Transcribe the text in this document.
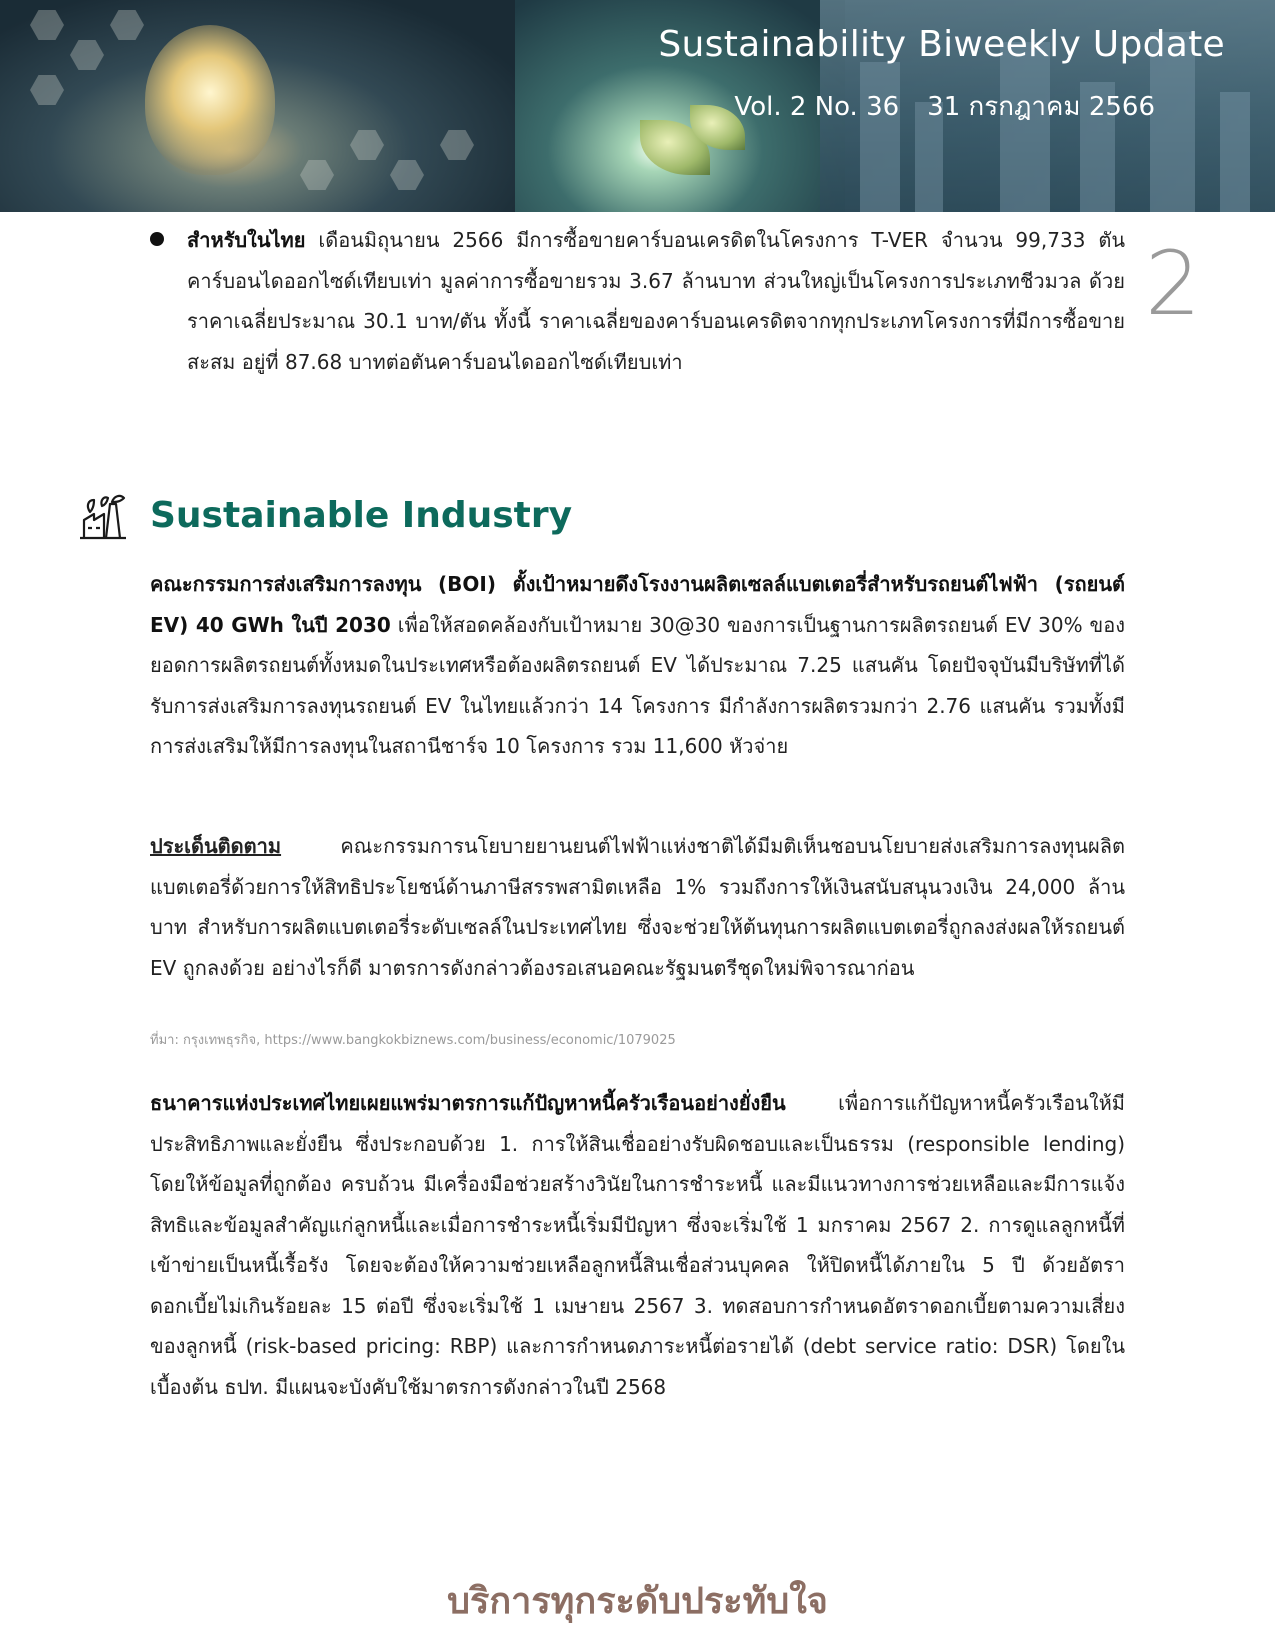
Sustainability Biweekly Update
Vol. 2 No. 36 31 กรกฎาคม 2566
2
สำหรับในไทย เดือนมิถุนายน 2566 มีการซื้อขายคาร์บอนเครดิตในโครงการ T-VER จำนวน 99,733 ตันคาร์บอนไดออกไซด์เทียบเท่า มูลค่าการซื้อขายรวม 3.67 ล้านบาท ส่วนใหญ่เป็นโครงการประเภทชีวมวล ด้วยราคาเฉลี่ยประมาณ 30.1 บาท/ตัน ทั้งนี้ ราคาเฉลี่ยของคาร์บอนเครดิตจากทุกประเภทโครงการที่มีการซื้อขายสะสม อยู่ที่ 87.68 บาทต่อตันคาร์บอนไดออกไซด์เทียบเท่า
Sustainable Industry
คณะกรรมการส่งเสริมการลงทุน (BOI) ตั้งเป้าหมายดึงโรงงานผลิตเซลล์แบตเตอรี่สำหรับรถยนต์ไฟฟ้า (รถยนต์ EV) 40 GWh ในปี 2030 เพื่อให้สอดคล้องกับเป้าหมาย 30@30 ของการเป็นฐานการผลิตรถยนต์ EV 30% ของยอดการผลิตรถยนต์ทั้งหมดในประเทศหรือต้องผลิตรถยนต์ EV ได้ประมาณ 7.25 แสนคัน โดยปัจจุบันมีบริษัทที่ได้รับการส่งเสริมการลงทุนรถยนต์ EV ในไทยแล้วกว่า 14 โครงการ มีกำลังการผลิตรวมกว่า 2.76 แสนคัน รวมทั้งมีการส่งเสริมให้มีการลงทุนในสถานีชาร์จ 10 โครงการ รวม 11,600 หัวจ่าย
ประเด็นติดตาม	คณะกรรมการนโยบายยานยนต์ไฟฟ้าแห่งชาติได้มีมติเห็นชอบนโยบายส่งเสริมการลงทุนผลิตแบตเตอรี่ด้วยการให้สิทธิประโยชน์ด้านภาษีสรรพสามิตเหลือ 1% รวมถึงการให้เงินสนับสนุนวงเงิน 24,000 ล้านบาท สำหรับการผลิตแบตเตอรี่ระดับเซลล์ในประเทศไทย ซึ่งจะช่วยให้ต้นทุนการผลิตแบตเตอรี่ถูกลงส่งผลให้รถยนต์ EV ถูกลงด้วย อย่างไรก็ดี มาตรการดังกล่าวต้องรอเสนอคณะรัฐมนตรีชุดใหม่พิจารณาก่อน
ที่มา: กรุงเทพธุรกิจ, https://www.bangkokbiznews.com/business/economic/1079025
ธนาคารแห่งประเทศไทยเผยแพร่มาตรการแก้ปัญหาหนี้ครัวเรือนอย่างยั่งยืน	เพื่อการแก้ปัญหาหนี้ครัวเรือนให้มีประสิทธิภาพและยั่งยืน ซึ่งประกอบด้วย 1. การให้สินเชื่ออย่างรับผิดชอบและเป็นธรรม (responsible lending) โดยให้ข้อมูลที่ถูกต้อง ครบถ้วน มีเครื่องมือช่วยสร้างวินัยในการชำระหนี้ และมีแนวทางการช่วยเหลือและมีการแจ้งสิทธิและข้อมูลสำคัญแก่ลูกหนี้และเมื่อการชำระหนี้เริ่มมีปัญหา ซึ่งจะเริ่มใช้ 1 มกราคม 2567 2. การดูแลลูกหนี้ที่เข้าข่ายเป็นหนี้เรื้อรัง โดยจะต้องให้ความช่วยเหลือลูกหนี้สินเชื่อส่วนบุคคล ให้ปิดหนี้ได้ภายใน 5 ปี ด้วยอัตราดอกเบี้ยไม่เกินร้อยละ 15 ต่อปี ซึ่งจะเริ่มใช้ 1 เมษายน 2567 3. ทดสอบการกำหนดอัตราดอกเบี้ยตามความเสี่ยงของลูกหนี้ (risk-based pricing: RBP) และการกำหนดภาระหนี้ต่อรายได้ (debt service ratio: DSR) โดยในเบื้องต้น ธปท. มีแผนจะบังคับใช้มาตรการดังกล่าวในปี 2568
บริการทุกระดับประทับใจ
